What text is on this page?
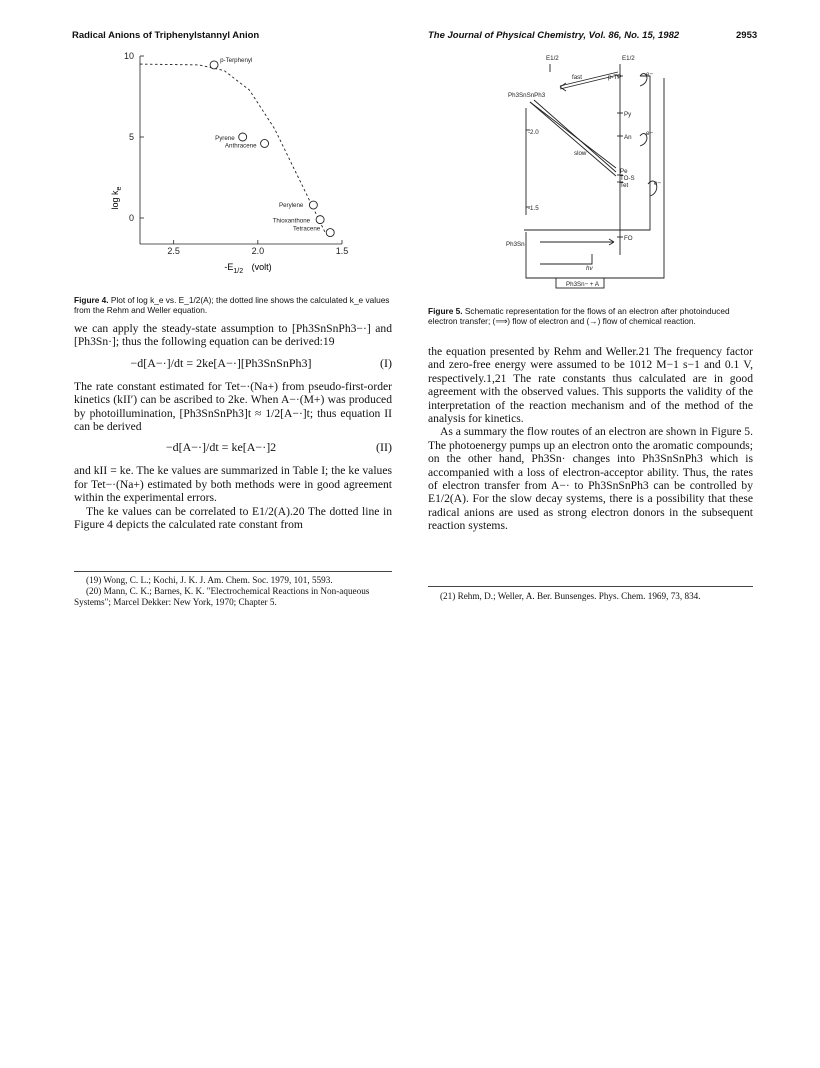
Radical Anions of Triphenylstannyl Anion	The Journal of Physical Chemistry, Vol. 86, No. 15, 1982	2953
10
5
0
2.5	2.0	1.5
p-Terphenyl
Pyrene
Anthracene
Perylene
Thioxanthone
Tetracene
$-E_{1/2}$ (volt)
$\log k_e$
Figure 4. Plot of log k_e vs. E_1/2(A); the dotted line shows the calculated k_e values from the Rehm and Weller equation.

we can apply the steady-state assumption to [Ph3SnSnPh3−·] and [Ph3Sn·]; thus the following equation can be derived:19

−d[A−·]/dt = 2ke[A−·][Ph3SnSnPh3]	(I)

The rate constant estimated for Tet−·(Na+) from pseudo-first-order kinetics (kII′) can be ascribed to 2ke. When A−·(M+) was produced by photoillumination, [Ph3SnSnPh3]t ≈ 1/2[A−·]t; thus equation II can be derived

−d[A−·]/dt = ke[A−·]2	(II)

and kII = ke. The ke values are summarized in Table I; the ke values for Tet−·(Na+) estimated by both methods were in good agreement within the experimental errors.

The ke values can be correlated to E1/2(A).20 The dotted line in Figure 4 depicts the calculated rate constant from

(19) Wong, C. L.; Kochi, J. K. J. Am. Chem. Soc. 1979, 101, 5593.
(20) Mann, C. K.; Barnes, K. K. "Electrochemical Reactions in Non-aqueous Systems"; Marcel Dekker: New York, 1970; Chapter 5.
E1/2	E1/2
p-TP
fast
Ph3SnSnPh3
-2.0
slow
Py
An
Pe
TO-S
Tet
-1.5
FO
Ph3Sn·
hν
Ph3Sn− + A
e−
e−
e−
Figure 5. Schematic representation for the flows of an electron after photoinduced electron transfer; (⟹) flow of electron and (→) flow of chemical reaction.

the equation presented by Rehm and Weller.21 The frequency factor and zero-free energy were assumed to be 1012 M−1 s−1 and 0.1 V, respectively.1,21 The rate constants thus calculated are in good agreement with the observed values. This supports the validity of the interpretation of the reaction mechanism and of the method of the analysis for kinetics.

As a summary the flow routes of an electron are shown in Figure 5. The photoenergy pumps up an electron onto the aromatic compounds; on the other hand, Ph3Sn· changes into Ph3SnSnPh3 which is accompanied with a loss of electron-acceptor ability. Thus, the rates of electron transfer from A−· to Ph3SnSnPh3 can be controlled by E1/2(A). For the slow decay systems, there is a possibility that these radical anions are used as strong electron donors in the subsequent reaction systems.

(21) Rehm, D.; Weller, A. Ber. Bunsenges. Phys. Chem. 1969, 73, 834.
